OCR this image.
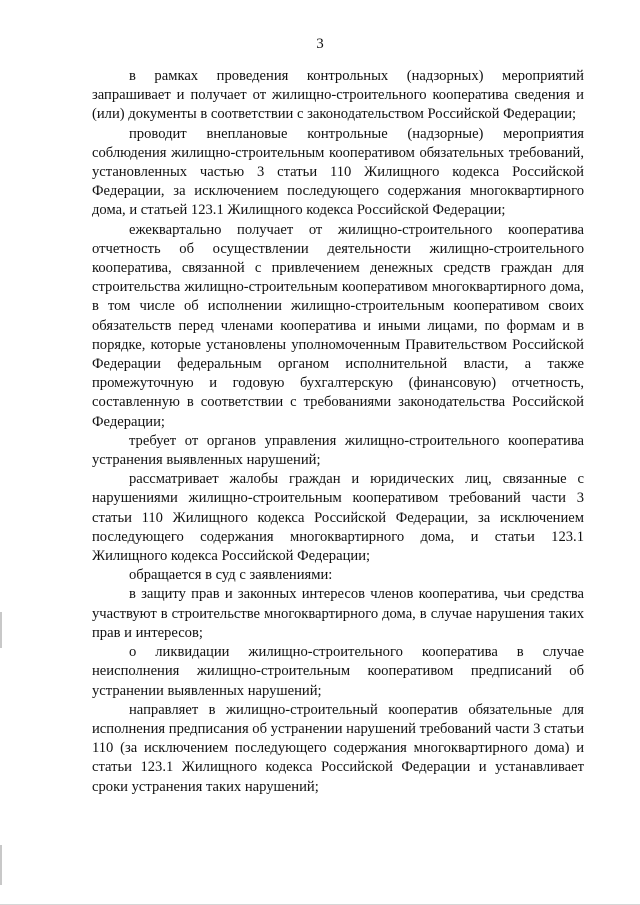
3

в рамках проведения контрольных (надзорных) мероприятий запрашивает и получает от жилищно-строительного кооператива сведения и (или) документы в соответствии с законодательством Российской Федерации;

проводит внеплановые контрольные (надзорные) мероприятия соблюдения жилищно-строительным кооперативом обязательных требований, установленных частью 3 статьи 110 Жилищного кодекса Российской Федерации, за исключением последующего содержания многоквартирного дома, и статьей 123.1 Жилищного кодекса Российской Федерации;

ежеквартально получает от жилищно-строительного кооператива отчетность об осуществлении деятельности жилищно-строительного кооператива, связанной с привлечением денежных средств граждан для строительства жилищно-строительным кооперативом многоквартирного дома, в том числе об исполнении жилищно-строительным кооперативом своих обязательств перед членами кооператива и иными лицами, по формам и в порядке, которые установлены уполномоченным Правительством Российской Федерации федеральным органом исполнительной власти, а также промежуточную и годовую бухгалтерскую (финансовую) отчетность, составленную в соответствии с требованиями законодательства Российской Федерации;

требует от органов управления жилищно-строительного кооператива устранения выявленных нарушений;

рассматривает жалобы граждан и юридических лиц, связанные с нарушениями жилищно-строительным кооперативом требований части 3 статьи 110 Жилищного кодекса Российской Федерации, за исключением последующего содержания многоквартирного дома, и статьи 123.1 Жилищного кодекса Российской Федерации;

обращается в суд с заявлениями:

в защиту прав и законных интересов членов кооператива, чьи средства участвуют в строительстве многоквартирного дома, в случае нарушения таких прав и интересов;

о ликвидации жилищно-строительного кооператива в случае неисполнения жилищно-строительным кооперативом предписаний об устранении выявленных нарушений;

направляет в жилищно-строительный кооператив обязательные для исполнения предписания об устранении нарушений требований части 3 статьи 110 (за исключением последующего содержания многоквартирного дома) и статьи 123.1 Жилищного кодекса Российской Федерации и устанавливает сроки устранения таких нарушений;
